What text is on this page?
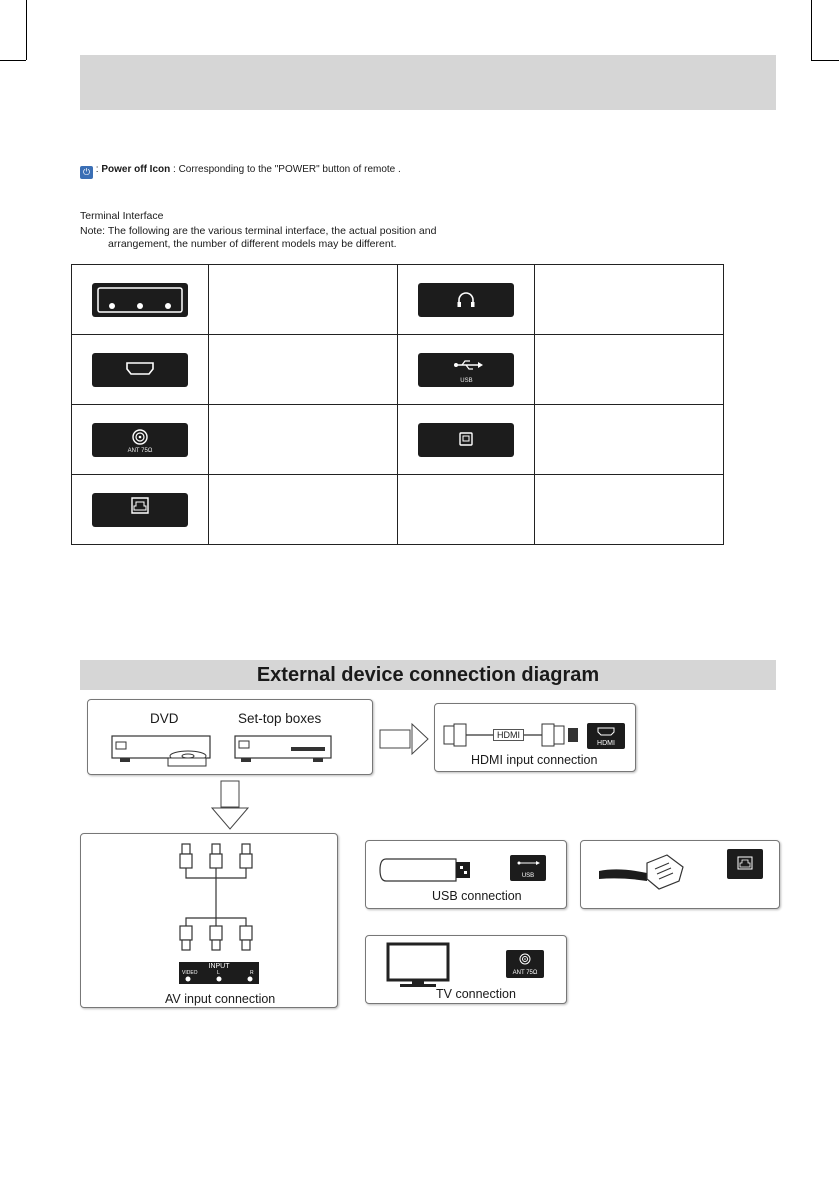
⏻ : Power off Icon : Corresponding to the "POWER" button of remote .
Terminal Interface
Note: The following are the various terminal interface, the actual position and
arrangement, the number of different models may be different.

USB	

ANT 75Ω

External device connection diagram
DVD	Set-top boxes
HDMI
HDMI
HDMI input connection
INPUT
VIDEO	L	R
AV input connection
USB
USB connection
ANT 75Ω
TV connection
